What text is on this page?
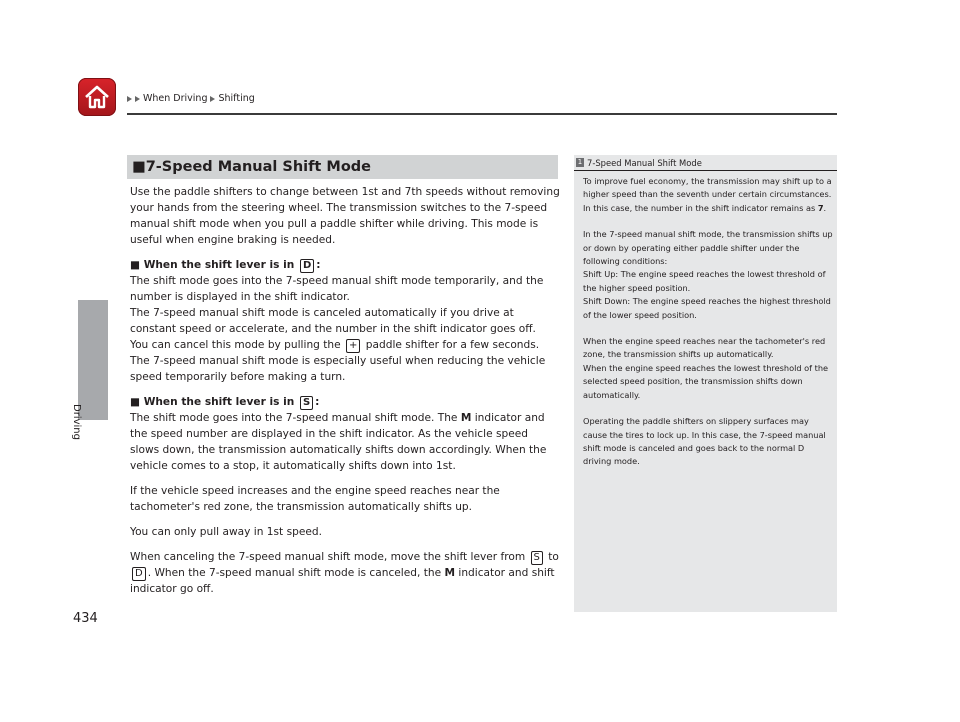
When Driving Shifting
Driving
434
■ 7-Speed Manual Shift Mode

Use the paddle shifters to change between 1st and 7th speeds without removing your hands from the steering wheel. The transmission switches to the 7-speed manual shift mode when you pull a paddle shifter while driving. This mode is useful when engine braking is needed.

■ When the shift lever is in D :

The shift mode goes into the 7-speed manual shift mode temporarily, and the number is displayed in the shift indicator.

The 7-speed manual shift mode is canceled automatically if you drive at constant speed or accelerate, and the number in the shift indicator goes off.

You can cancel this mode by pulling the + paddle shifter for a few seconds.

The 7-speed manual shift mode is especially useful when reducing the vehicle speed temporarily before making a turn.

■ When the shift lever is in S :

The shift mode goes into the 7-speed manual shift mode. The M indicator and the speed number are displayed in the shift indicator. As the vehicle speed slows down, the transmission automatically shifts down accordingly. When the vehicle comes to a stop, it automatically shifts down into 1st.

If the vehicle speed increases and the engine speed reaches near the tachometer's red zone, the transmission automatically shifts up.

You can only pull away in 1st speed.

When canceling the 7-speed manual shift mode, move the shift lever from S to D . When the 7-speed manual shift mode is canceled, the M indicator and shift indicator go off.

1 7-Speed Manual Shift Mode

To improve fuel economy, the transmission may shift up to a higher speed than the seventh under certain circumstances. In this case, the number in the shift indicator remains as 7.

In the 7-speed manual shift mode, the transmission shifts up or down by operating either paddle shifter under the following conditions:

Shift Up: The engine speed reaches the lowest threshold of the higher speed position.

Shift Down: The engine speed reaches the highest threshold of the lower speed position.

When the engine speed reaches near the tachometer's red zone, the transmission shifts up automatically.

When the engine speed reaches the lowest threshold of the selected speed position, the transmission shifts down automatically.

Operating the paddle shifters on slippery surfaces may cause the tires to lock up. In this case, the 7-speed manual shift mode is canceled and goes back to the normal D driving mode.
